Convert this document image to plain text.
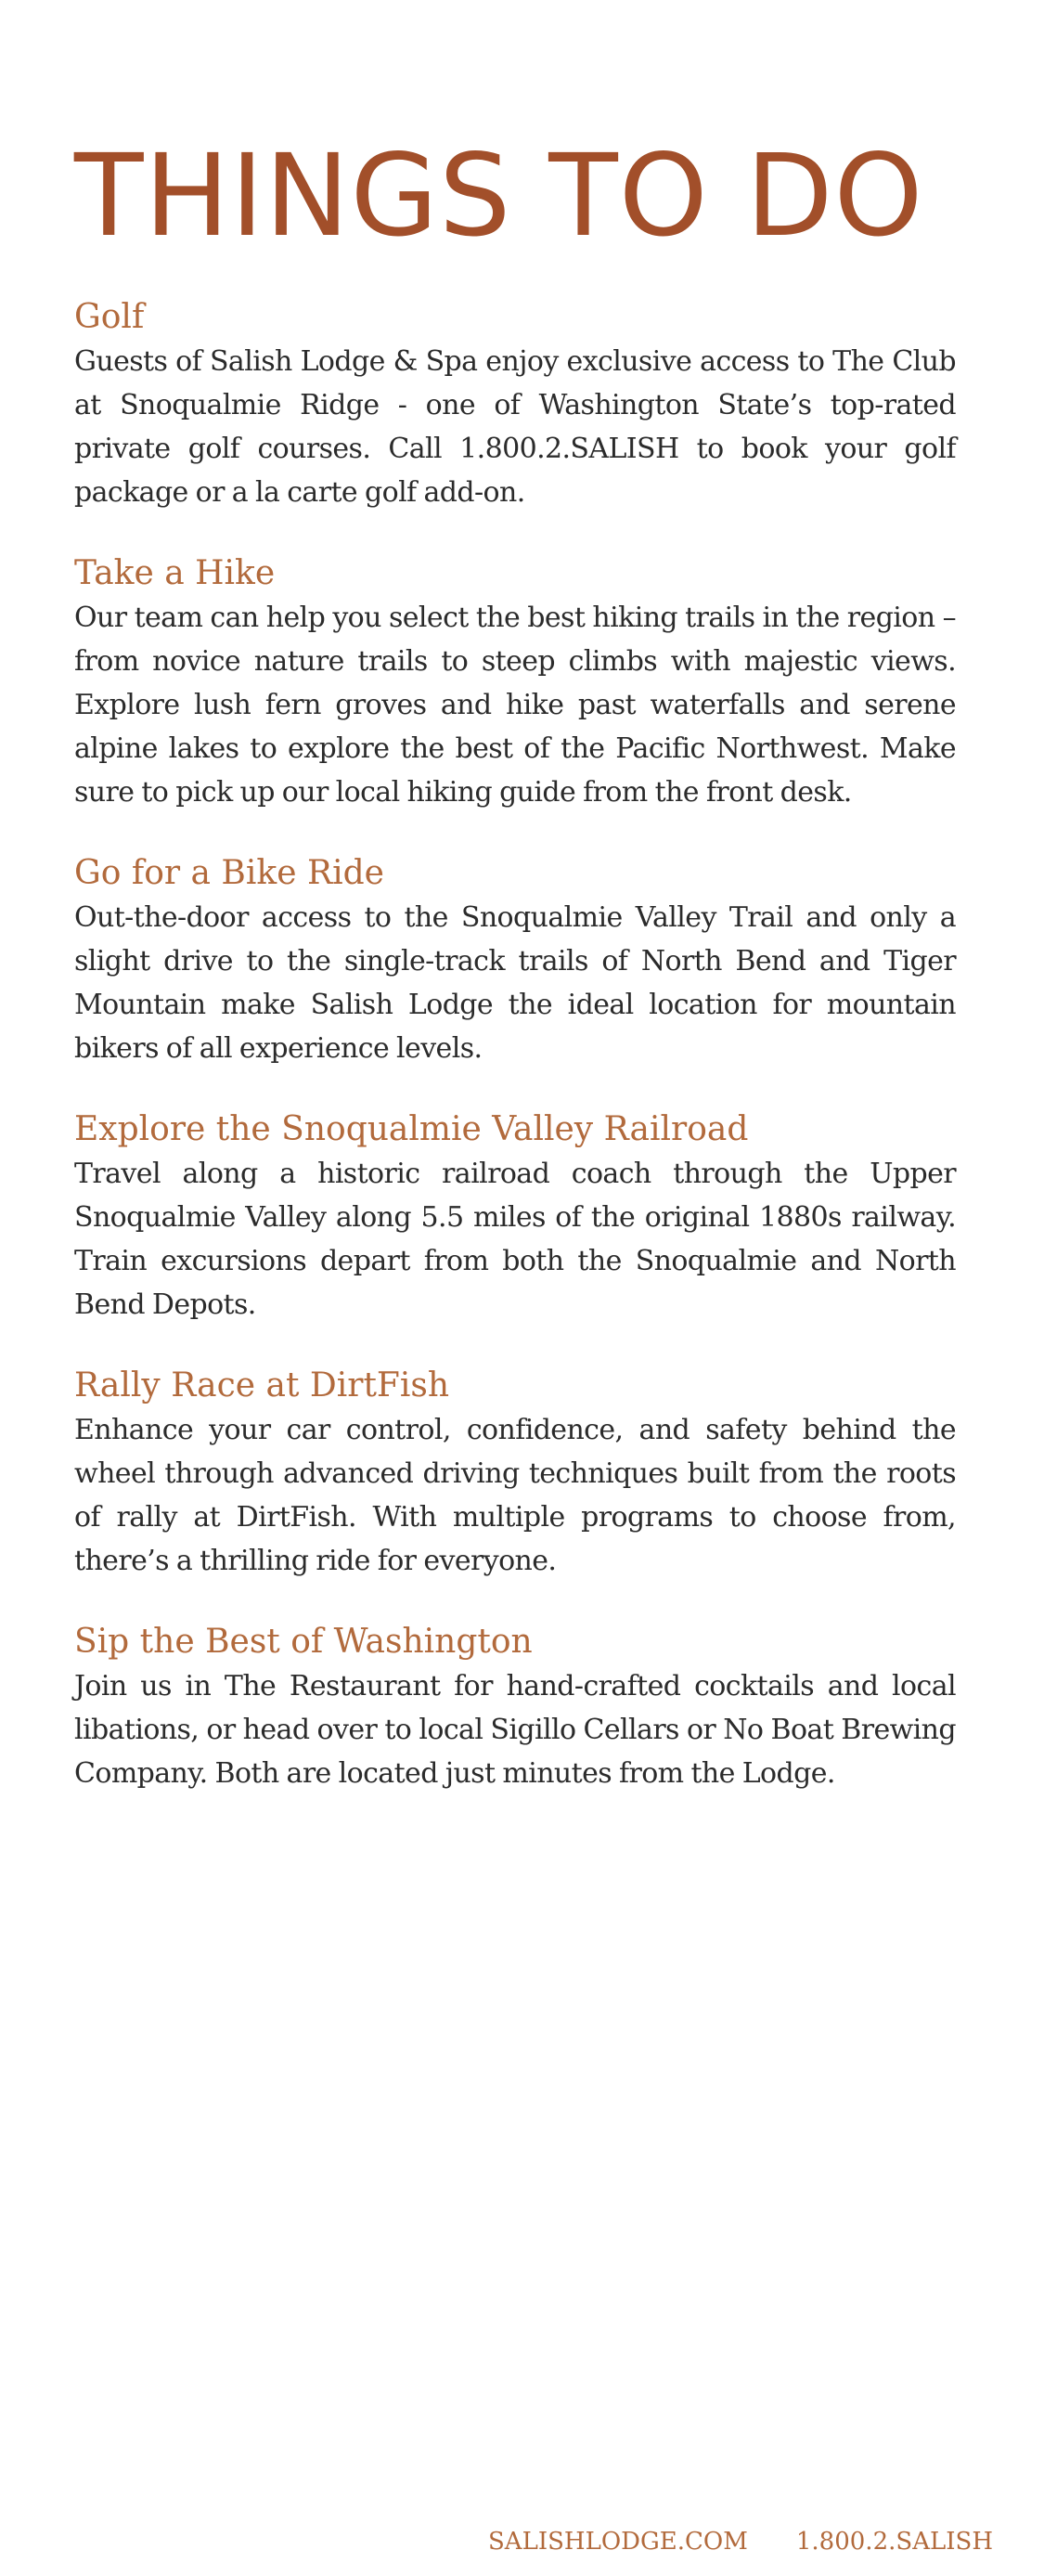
THINGS TO DO
Golf

Guests of Salish Lodge & Spa enjoy exclusive access to The Club at Snoqualmie Ridge - one of Washington State’s top-rated private golf courses. Call 1.800.2.SALISH to book your golf package or a la carte golf add-on.

Take a Hike

Our team can help you select the best hiking trails in the region – from novice nature trails to steep climbs with majestic views. Explore lush fern groves and hike past waterfalls and serene alpine lakes to explore the best of the Pacific Northwest. Make sure to pick up our local hiking guide from the front desk.

Go for a Bike Ride

Out-the-door access to the Snoqualmie Valley Trail and only a slight drive to the single-track trails of North Bend and Tiger Mountain make Salish Lodge the ideal location for mountain bikers of all experience levels.

Explore the Snoqualmie Valley Railroad

Travel along a historic railroad coach through the Upper Snoqualmie Valley along 5.5 miles of the original 1880s railway. Train excursions depart from both the Snoqualmie and North Bend Depots.

Rally Race at DirtFish

Enhance your car control, confidence, and safety behind the wheel through advanced driving techniques built from the roots of rally at DirtFish. With multiple programs to choose from, there’s a thrilling ride for everyone.

Sip the Best of Washington

Join us in The Restaurant for hand-crafted cocktails and local libations, or head over to local Sigillo Cellars or No Boat Brewing Company. Both are located just minutes from the Lodge.

SALISHLODGE.COM 1.800.2.SALISH
